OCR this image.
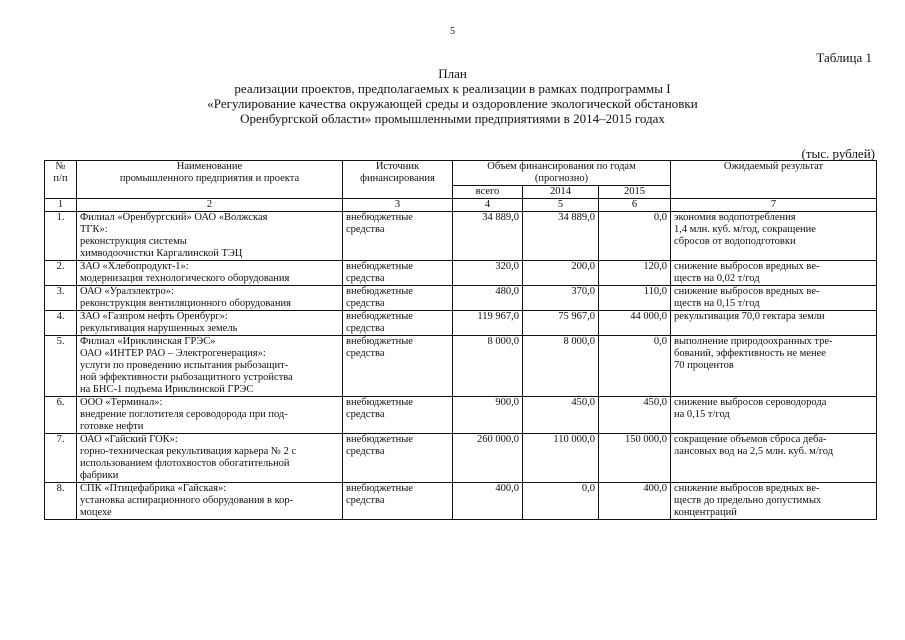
5
Таблица 1
План
реализации проектов, предполагаемых к реализации в рамках подпрограммы I
«Регулирование качества окружающей среды и оздоровление экологической обстановки
Оренбургской области» промышленными предприятиями в 2014–2015 годах
(тыс. рублей)
№
п/п	Наименование
промышленного предприятия и проекта	Источник
финансирования	Объем финансирования по годам
(прогнозно)			Ожидаемый результат
			всего	2014	2015	
1	2	3	4	5	6	7
1.	Филиал «Оренбургский» ОАО «Волжская
ТГК»:
реконструкция системы
химводоочистки Каргалинской ТЭЦ	внебюджетные
средства	34 889,0	34 889,0	0,0	экономия водопотребления
1,4 млн. куб. м/год, сокращение
сбросов от водоподготовки

2.	ЗАО «Хлебопродукт-1»:
модернизация технологического оборудования	внебюджетные
средства	320,0	200,0	120,0	снижение выбросов вредных ве-
ществ на 0,02 т/год

3.	ОАО «Уралэлектро»:
реконструкция вентиляционного оборудования	внебюджетные
средства	480,0	370,0	110,0	снижение выбросов вредных ве-
ществ на 0,15 т/год

4.	ЗАО «Газпром нефть Оренбург»:
рекультивация нарушенных земель	внебюджетные
средства	119 967,0	75 967,0	44 000,0	рекультивация 70,0 гектара земли

5.	Филиал «Ириклинская ГРЭС»
ОАО «ИНТЕР РАО – Электрогенерация»:
услуги по проведению испытания рыбозащит-
ной эффективности рыбозащитного устройства
на БНС-1 подъема Ириклинской ГРЭС	внебюджетные
средства	8 000,0	8 000,0	0,0	выполнение природоохранных тре-
бований, эффективность не менее
70 процентов

6.	ООО «Терминал»:
внедрение поглотителя сероводорода при под-
готовке нефти	внебюджетные
средства	900,0	450,0	450,0	снижение выбросов сероводорода
на 0,15 т/год

7.	ОАО «Гайский ГОК»:
горно-техническая рекультивация карьера № 2 с
использованием флотохвостов обогатительной
фабрики	внебюджетные
средства	260 000,0	110 000,0	150 000,0	сокращение объемов сброса деба-
лансовых вод на 2,5 млн. куб. м/год

8.	СПК «Птицефабрика «Гайская»:
установка аспирационного оборудования в кор-
моцехе	внебюджетные
средства	400,0	0,0	400,0	снижение выбросов вредных ве-
ществ до предельно допустимых
концентраций
